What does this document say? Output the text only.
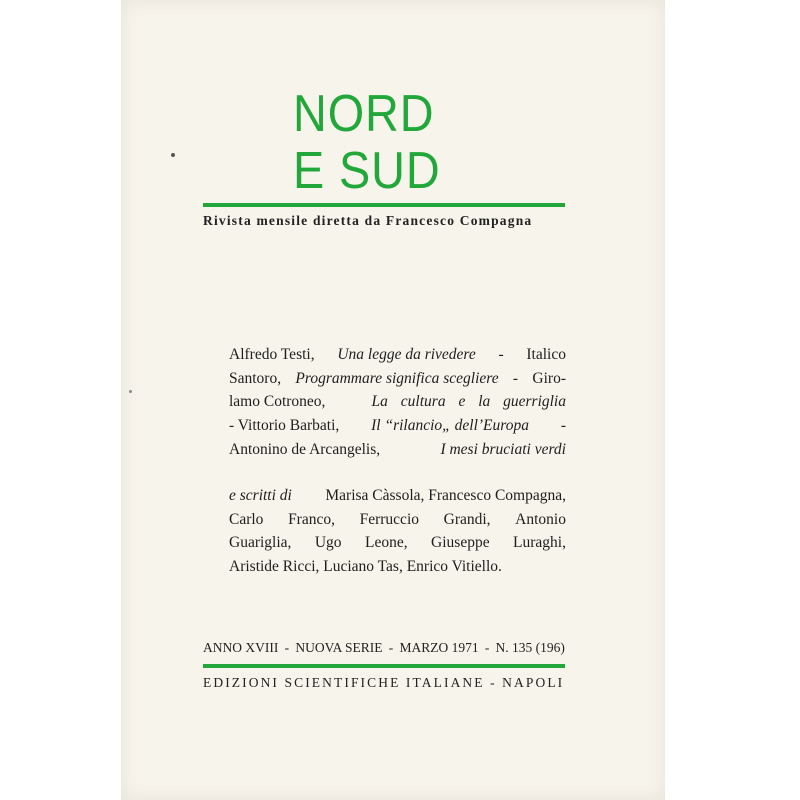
NORD
E SUD

Rivista mensile diretta da Francesco Compagna

Alfredo Testi, Una legge da rivedere - Italico
Santoro, Programmare significa scegliere - Giro-
lamo Cotroneo,	La cultura e la guerriglia
- Vittorio Barbati, Il “rilancio„ dell’Europa -
Antonino de Arcangelis,	I mesi bruciati verdi
e scritti di Marisa Càssola, Francesco Compagna,
Carlo Franco, Ferruccio Grandi, Antonio
Guariglia, Ugo Leone, Giuseppe Luraghi,
Aristide Ricci, Luciano Tas, Enrico Vitiello.

ANNO XVIII - NUOVA SERIE - MARZO 1971 - N. 135 (196)

EDIZIONI SCIENTIFICHE ITALIANE - NAPOLI
